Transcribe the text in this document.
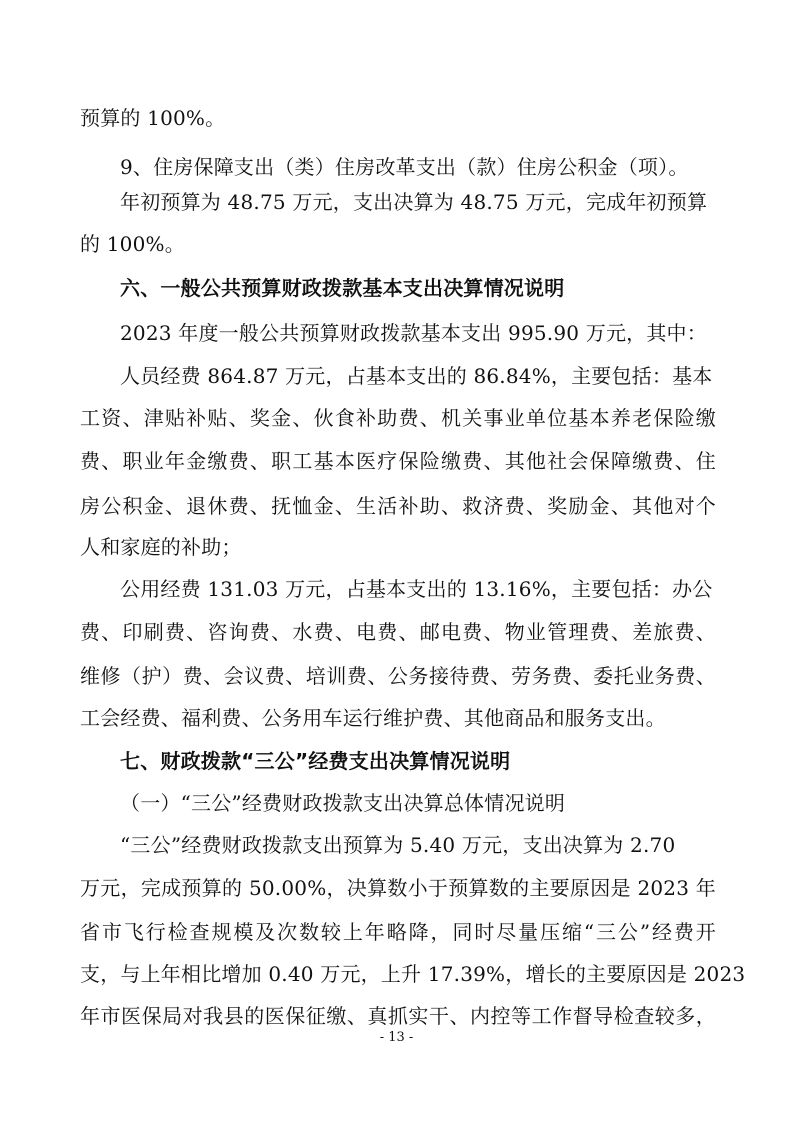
预算的 100%。
9、住房保障支出（类）住房改革支出（款）住房公积金（项）。
年初预算为 48.75 万元，支出决算为 48.75 万元，完成年初预算
的 100%。
六、一般公共预算财政拨款基本支出决算情况说明
2023 年度一般公共预算财政拨款基本支出 995.90 万元，其中：
人员经费 864.87 万元，占基本支出的 86.84%，主要包括：基本
工资、津贴补贴、奖金、伙食补助费、机关事业单位基本养老保险缴
费、职业年金缴费、职工基本医疗保险缴费、其他社会保障缴费、住
房公积金、退休费、抚恤金、生活补助、救济费、奖励金、其他对个
人和家庭的补助；
公用经费 131.03 万元，占基本支出的 13.16%，主要包括：办公
费、印刷费、咨询费、水费、电费、邮电费、物业管理费、差旅费、
维修（护）费、会议费、培训费、公务接待费、劳务费、委托业务费、
工会经费、福利费、公务用车运行维护费、其他商品和服务支出。
七、财政拨款“三公”经费支出决算情况说明
（一）“三公”经费财政拨款支出决算总体情况说明
“三公”经费财政拨款支出预算为 5.40 万元，支出决算为 2.70
万元，完成预算的 50.00%，决算数小于预算数的主要原因是 2023 年
省市飞行检查规模及次数较上年略降，同时尽量压缩“三公”经费开
支，与上年相比增加 0.40 万元，上升 17.39%，增长的主要原因是 2023
年市医保局对我县的医保征缴、真抓实干、内控等工作督导检查较多，
- 13 -
